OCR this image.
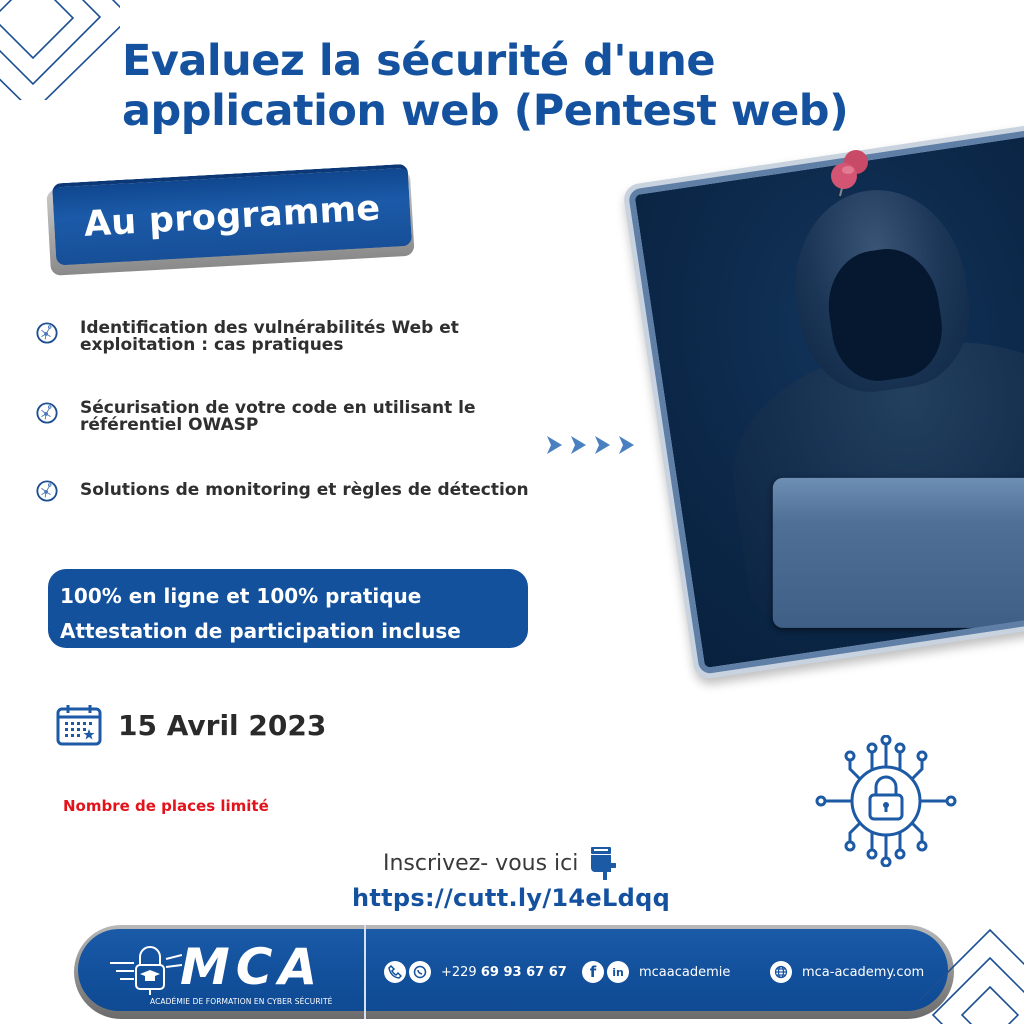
Evaluez la sécurité d'une
application web (Pentest web)
Au programme
Identification des vulnérabilités Web et
exploitation : cas pratiques
Sécurisation de votre code en utilisant le
référentiel OWASP
Solutions de monitoring et règles de détection
100% en ligne et 100% pratique
Attestation de participation incluse
15 Avril 2023
Nombre de places limité
Inscrivez- vous ici
https://cutt.ly/14eLdqq
MCA
ACADÉMIE DE FORMATION EN CYBER SÉCURITÉ
+229 69 93 67 67 f in mcaacademie	mca-academy.com
